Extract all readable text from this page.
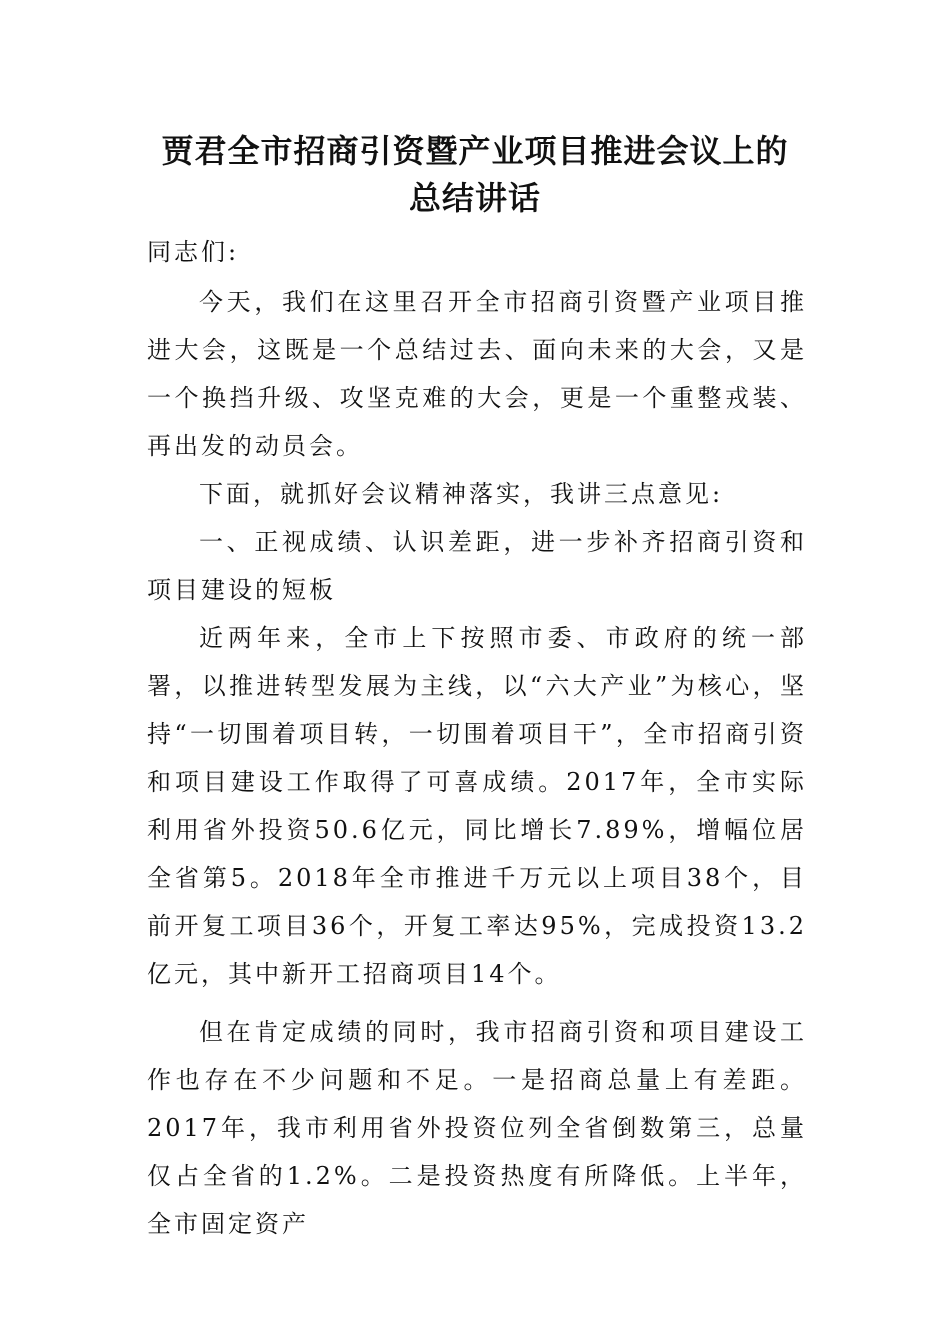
贾君全市招商引资暨产业项目推进会议上的
总结讲话

同志们:

今天，我们在这里召开全市招商引资暨产业项目推进大会，这既是一个总结过去、面向未来的大会，又是一个换挡升级、攻坚克难的大会，更是一个重整戎装、再出发的动员会。

下面，就抓好会议精神落实，我讲三点意见:

一、正视成绩、认识差距，进一步补齐招商引资和项目建设的短板

近两年来，全市上下按照市委、市政府的统一部署，以推进转型发展为主线，以“六大产业”为核心，坚持“一切围着项目转，一切围着项目干”，全市招商引资和项目建设工作取得了可喜成绩。2017年，全市实际利用省外投资50.6亿元，同比增长7.89%，增幅位居全省第5。2018年全市推进千万元以上项目38个，目前开复工项目36个，开复工率达95%，完成投资13.2亿元，其中新开工招商项目14个。

但在肯定成绩的同时，我市招商引资和项目建设工作也存在不少问题和不足。一是招商总量上有差距。2017年，我市利用省外投资位列全省倒数第三，总量仅占全省的1.2%。二是投资热度有所降低。上半年，全市固定资产
